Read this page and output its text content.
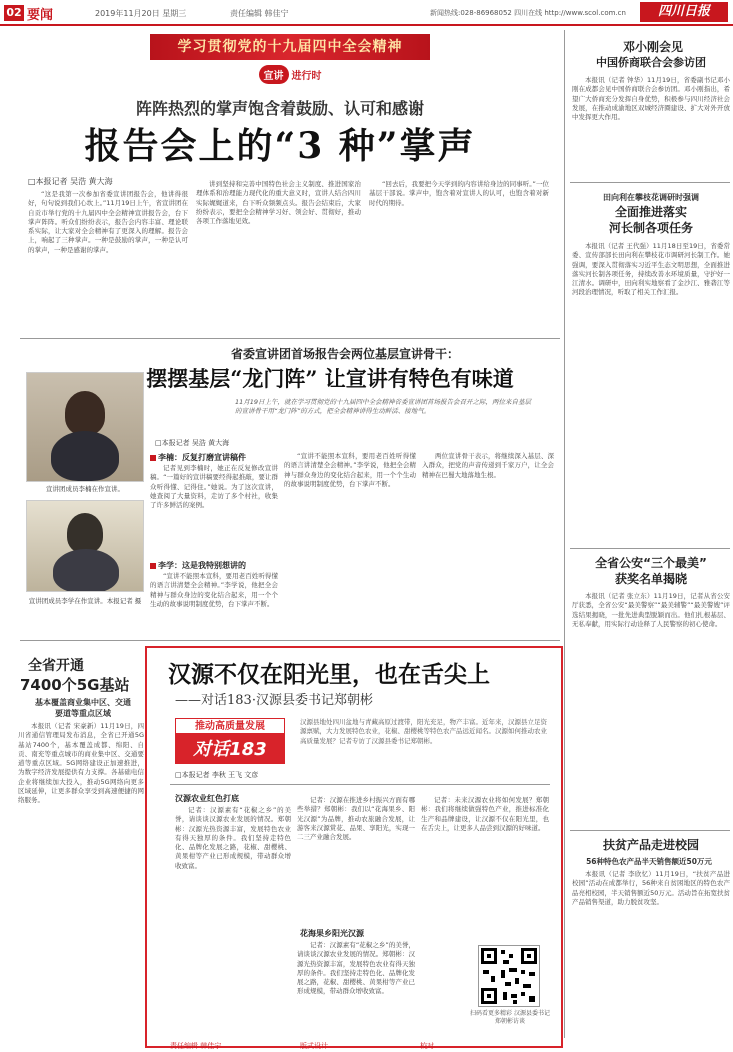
02 要闻	2019年11月20日 星期三	责任编辑 韩佳宁	新闻热线:028-86968052 四川在线 http://www.scol.com.cn	四川日报
学习贯彻党的十九届四中全会精神
宣讲 进行时
阵阵热烈的掌声饱含着鼓励、认可和感谢
报告会上的“3 种”掌声
□本报记者 吴浩 黄大海

“这是我第一次参加省委宣讲团报告会，他讲得很好，句句说到我们心坎上。”11月19日上午，省宣讲团在自贡市举行党的十九届四中全会精神宣讲报告会，台下掌声阵阵。听众们纷纷表示，报告会内容丰富、理论联系实际，让大家对全会精神有了更深入的理解。报告会上，响起了三种掌声。一种是鼓励的掌声，一种是认可的掌声，一种是感谢的掌声。

讲到坚持和完善中国特色社会主义制度、推进国家治理体系和治理能力现代化的重大意义时，宣讲人结合四川实际娓娓道来，台下听众频频点头。报告会结束后，大家纷纷表示，要把全会精神学习好、领会好、贯彻好，推动各项工作落地见效。

“回去后，我要把今天学到的内容讲给身边的同事听。”一位基层干部说。掌声中，饱含着对宣讲人的认可，也饱含着对新时代的期待。

省委宣讲团首场报告会两位基层宣讲骨干：
摆摆基层“龙门阵” 让宣讲有特色有味道
11月19日上午，就在学习贯彻党的十九届四中全会精神省委宣讲团首场报告会召开之际，两位来自基层的宣讲骨干用“龙门阵”的方式，把全会精神讲得生动鲜活、接地气。
□本报记者 吴浩 黄大海
宣讲团成员李楠在作宣讲。
宣讲团成员李学在作宣讲。本报记者 摄
李楠：反复打磨宣讲稿件

记者见到李楠时，她正在反复修改宣讲稿。“一篇好的宣讲稿要经得起推敲，要让群众听得懂、记得住。”她说。为了这次宣讲，她查阅了大量资料，走访了多个村社，收集了许多鲜活的案例。

李学：这是我特别想讲的

“宣讲不能照本宣科，要用老百姓听得懂的语言讲清楚全会精神。”李学说，他把全会精神与群众身边的变化结合起来，用一个个生动的故事说明制度优势，台下掌声不断。

“宣讲不能照本宣科，要用老百姓听得懂的语言讲清楚全会精神。”李学说，他把全会精神与群众身边的变化结合起来，用一个个生动的故事说明制度优势，台下掌声不断。

两位宣讲骨干表示，将继续深入基层、深入群众，把党的声音传递到千家万户，让全会精神在巴蜀大地落地生根。

全省开通
7400个5G基站
基本覆盖商业集中区、交通
要道等重点区域

本报讯（记者 宋豪新）11月19日，四川省通信管理局发布消息，全省已开通5G基站7400个，基本覆盖成都、绵阳、自贡、南充等重点城市的商业集中区、交通要道等重点区域。5G网络建设正加速推进，为数字经济发展提供有力支撑。各基础电信企业将继续加大投入，推动5G网络向更多区域延伸，让更多群众享受到高速便捷的网络服务。

汉源不仅在阳光里，也在舌尖上
——对话183·汉源县委书记郑朝彬
推动高质量发展
对话183
汉源县地处四川盆地与青藏高原过渡带，阳光充足，物产丰富。近年来，汉源县立足资源禀赋，大力发展特色农业，花椒、甜樱桃等特色农产品远近闻名。汉源如何推动农业高质量发展？记者专访了汉源县委书记郑朝彬。
□本报记者 李秋 王飞 文彦
汉源农业红色打底

记者：汉源素有“花椒之乡”的美誉，请谈谈汉源农业发展的情况。郑朝彬：汉源光热资源丰富，发展特色农业有得天独厚的条件。我们坚持走特色化、品牌化发展之路，花椒、甜樱桃、黄果柑等产业已形成规模，带动群众增收致富。

记者：汉源在推进乡村振兴方面有哪些举措？郑朝彬：我们以“花海果乡、阳光汉源”为品牌，推动农旅融合发展，让游客来汉源赏花、品果、享阳光，实现一二三产业融合发展。

花海果乡阳光汉源

记者：汉源素有“花椒之乡”的美誉，请谈谈汉源农业发展的情况。郑朝彬：汉源光热资源丰富，发展特色农业有得天独厚的条件。我们坚持走特色化、品牌化发展之路，花椒、甜樱桃、黄果柑等产业已形成规模，带动群众增收致富。

记者：未来汉源农业将如何发展？郑朝彬：我们将继续做强特色产业，推进标准化生产和品牌建设，让汉源不仅在阳光里，也在舌尖上，让更多人品尝到汉源的好味道。

扫码看更多精彩 汉源县委书记郑朝彬访谈
邓小刚会见
中国侨商联合会参访团

本报讯（记者 钟华）11月19日，省委副书记邓小刚在成都会见中国侨商联合会参访团。邓小刚指出，希望广大侨商充分发挥自身优势，积极参与四川经济社会发展，在推动成渝地区双城经济圈建设、扩大对外开放中发挥更大作用。

田向利在攀枝花调研时强调
全面推进落实
河长制各项任务

本报讯（记者 王代强）11月18日至19日，省委常委、宣传部部长田向利在攀枝花市调研河长制工作。她强调，要深入贯彻落实习近平生态文明思想，全面推进落实河长制各项任务，持续改善水环境质量，守护好一江清水。调研中，田向利实地察看了金沙江、雅砻江等河段治理情况，听取了相关工作汇报。

全省公安“三个最美”
获奖名单揭晓

本报讯（记者 张立东）11月19日，记者从省公安厅获悉，全省公安“最美警察”“最美辅警”“最美警嫂”评选结果揭晓，一批先进典型脱颖而出。他们扎根基层、无私奉献，用实际行动诠释了人民警察的初心使命。

扶贫产品走进校园
56种特色农产品半天销售额近50万元

本报讯（记者 李欣忆）11月19日，“扶贫产品进校园”活动在成都举行，56种来自贫困地区的特色农产品亮相校园，半天销售额近50万元。活动旨在拓宽扶贫产品销售渠道，助力脱贫攻坚。

责任编辑 韩佳宁	版式设计	校对
